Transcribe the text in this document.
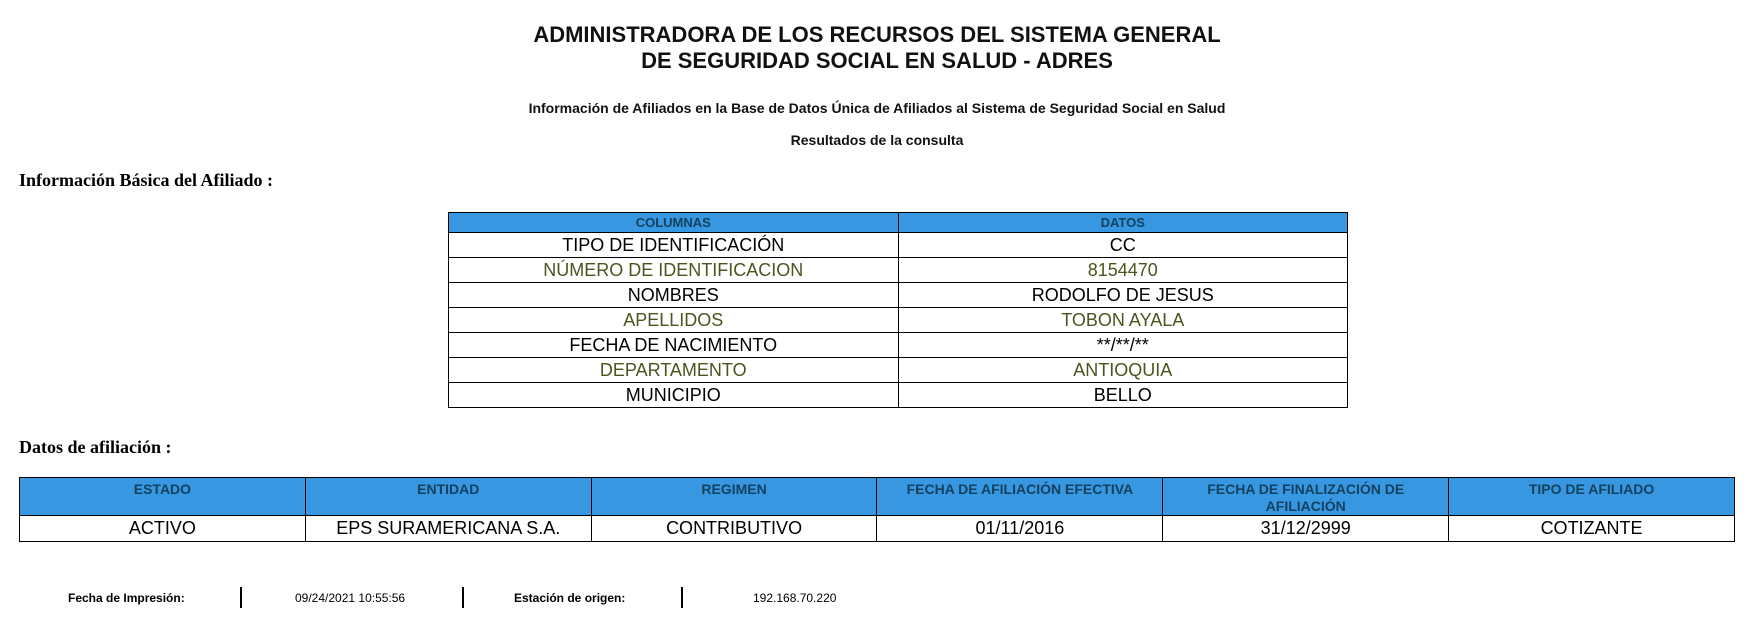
ADMINISTRADORA DE LOS RECURSOS DEL SISTEMA GENERAL
DE SEGURIDAD SOCIAL EN SALUD - ADRES
Información de Afiliados en la Base de Datos Única de Afiliados al Sistema de Seguridad Social en Salud
Resultados de la consulta
Información Básica del Afiliado :
COLUMNAS	DATOS
TIPO DE IDENTIFICACIÓN	CC
NÚMERO DE IDENTIFICACION	8154470
NOMBRES	RODOLFO DE JESUS
APELLIDOS	TOBON AYALA
FECHA DE NACIMIENTO	**/**/**
DEPARTAMENTO	ANTIOQUIA
MUNICIPIO	BELLO
Datos de afiliación :
ESTADO	ENTIDAD	REGIMEN	FECHA DE AFILIACIÓN EFECTIVA	FECHA DE FINALIZACIÓN DE AFILIACIÓN	TIPO DE AFILIADO
ACTIVO	EPS SURAMERICANA S.A.	CONTRIBUTIVO	01/11/2016	31/12/2999	COTIZANTE
Fecha de Impresión:	09/24/2021 10:55:56	Estación de origen:	192.168.70.220
